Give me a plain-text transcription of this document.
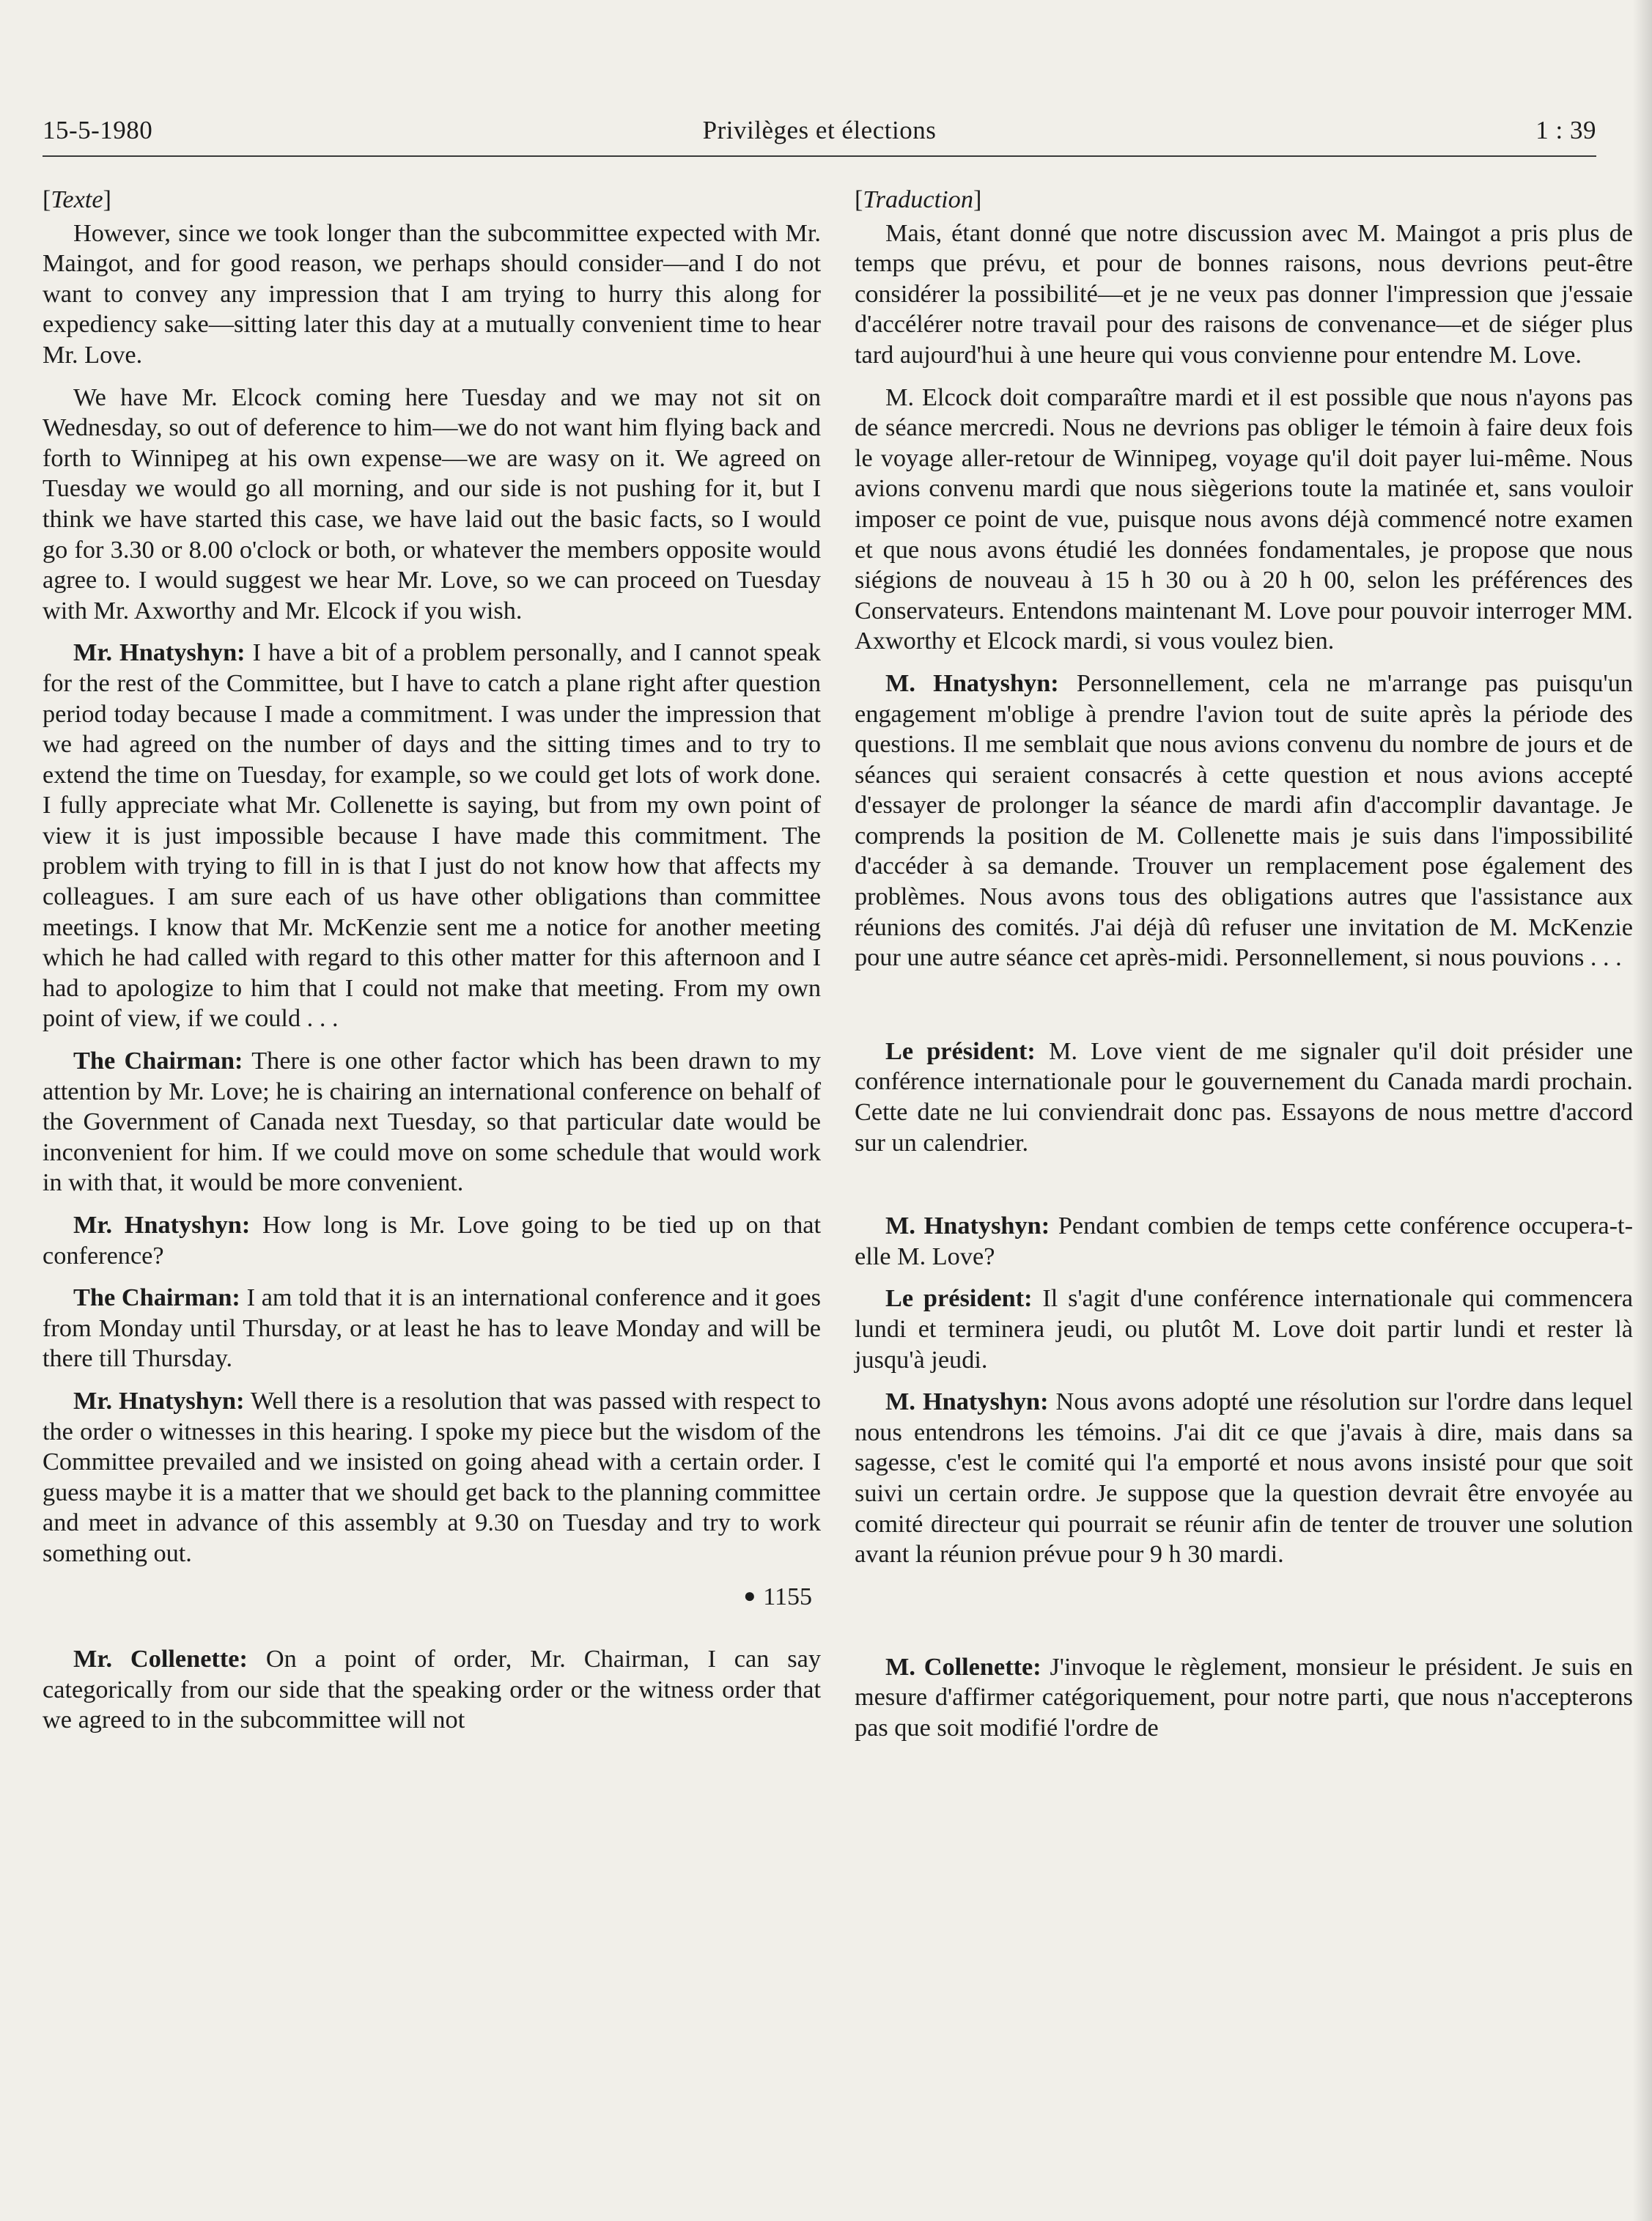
15-5-1980	Privilèges et élections	1 : 39

[Texte]

However, since we took longer than the subcommittee expected with Mr. Maingot, and for good reason, we perhaps should consider—and I do not want to convey any impression that I am trying to hurry this along for expediency sake—sitting later this day at a mutually convenient time to hear Mr. Love.

We have Mr. Elcock coming here Tuesday and we may not sit on Wednesday, so out of deference to him—we do not want him flying back and forth to Winnipeg at his own expense—we are wasy on it. We agreed on Tuesday we would go all morning, and our side is not pushing for it, but I think we have started this case, we have laid out the basic facts, so I would go for 3.30 or 8.00 o'clock or both, or whatever the members opposite would agree to. I would suggest we hear Mr. Love, so we can proceed on Tuesday with Mr. Axworthy and Mr. Elcock if you wish.

Mr. Hnatyshyn: I have a bit of a problem personally, and I cannot speak for the rest of the Committee, but I have to catch a plane right after question period today because I made a commitment. I was under the impression that we had agreed on the number of days and the sitting times and to try to extend the time on Tuesday, for example, so we could get lots of work done. I fully appreciate what Mr. Collenette is saying, but from my own point of view it is just impossible because I have made this commitment. The problem with trying to fill in is that I just do not know how that affects my colleagues. I am sure each of us have other obligations than committee meetings. I know that Mr. McKenzie sent me a notice for another meeting which he had called with regard to this other matter for this afternoon and I had to apologize to him that I could not make that meeting. From my own point of view, if we could . . .

The Chairman: There is one other factor which has been drawn to my attention by Mr. Love; he is chairing an international conference on behalf of the Government of Canada next Tuesday, so that particular date would be inconvenient for him. If we could move on some schedule that would work in with that, it would be more convenient.

Mr. Hnatyshyn: How long is Mr. Love going to be tied up on that conference?

The Chairman: I am told that it is an international conference and it goes from Monday until Thursday, or at least he has to leave Monday and will be there till Thursday.

Mr. Hnatyshyn: Well there is a resolution that was passed with respect to the order o witnesses in this hearing. I spoke my piece but the wisdom of the Committee prevailed and we insisted on going ahead with a certain order. I guess maybe it is a matter that we should get back to the planning committee and meet in advance of this assembly at 9.30 on Tuesday and try to work something out.

● 1155

Mr. Collenette: On a point of order, Mr. Chairman, I can say categorically from our side that the speaking order or the witness order that we agreed to in the subcommittee will not

[Traduction]

Mais, étant donné que notre discussion avec M. Maingot a pris plus de temps que prévu, et pour de bonnes raisons, nous devrions peut-être considérer la possibilité—et je ne veux pas donner l'impression que j'essaie d'accélérer notre travail pour des raisons de convenance—et de siéger plus tard aujourd'hui à une heure qui vous convienne pour entendre M. Love.

M. Elcock doit comparaître mardi et il est possible que nous n'ayons pas de séance mercredi. Nous ne devrions pas obliger le témoin à faire deux fois le voyage aller-retour de Winnipeg, voyage qu'il doit payer lui-même. Nous avions convenu mardi que nous siègerions toute la matinée et, sans vouloir imposer ce point de vue, puisque nous avons déjà commencé notre examen et que nous avons étudié les données fondamentales, je propose que nous siégions de nouveau à 15 h 30 ou à 20 h 00, selon les préférences des Conservateurs. Entendons maintenant M. Love pour pouvoir interroger MM. Axworthy et Elcock mardi, si vous voulez bien.

M. Hnatyshyn: Personnellement, cela ne m'arrange pas puisqu'un engagement m'oblige à prendre l'avion tout de suite après la période des questions. Il me semblait que nous avions convenu du nombre de jours et de séances qui seraient consacrés à cette question et nous avions accepté d'essayer de prolonger la séance de mardi afin d'accomplir davantage. Je comprends la position de M. Collenette mais je suis dans l'impossibilité d'accéder à sa demande. Trouver un remplacement pose également des problèmes. Nous avons tous des obligations autres que l'assistance aux réunions des comités. J'ai déjà dû refuser une invitation de M. McKenzie pour une autre séance cet après-midi. Personnellement, si nous pouvions . . .

Le président: M. Love vient de me signaler qu'il doit présider une conférence internationale pour le gouvernement du Canada mardi prochain. Cette date ne lui conviendrait donc pas. Essayons de nous mettre d'accord sur un calendrier.

M. Hnatyshyn: Pendant combien de temps cette conférence occupera-t-elle M. Love?

Le président: Il s'agit d'une conférence internationale qui commencera lundi et terminera jeudi, ou plutôt M. Love doit partir lundi et rester là jusqu'à jeudi.

M. Hnatyshyn: Nous avons adopté une résolution sur l'ordre dans lequel nous entendrons les témoins. J'ai dit ce que j'avais à dire, mais dans sa sagesse, c'est le comité qui l'a emporté et nous avons insisté pour que soit suivi un certain ordre. Je suppose que la question devrait être envoyée au comité directeur qui pourrait se réunir afin de tenter de trouver une solution avant la réunion prévue pour 9 h 30 mardi.

M. Collenette: J'invoque le règlement, monsieur le président. Je suis en mesure d'affirmer catégoriquement, pour notre parti, que nous n'accepterons pas que soit modifié l'ordre de
